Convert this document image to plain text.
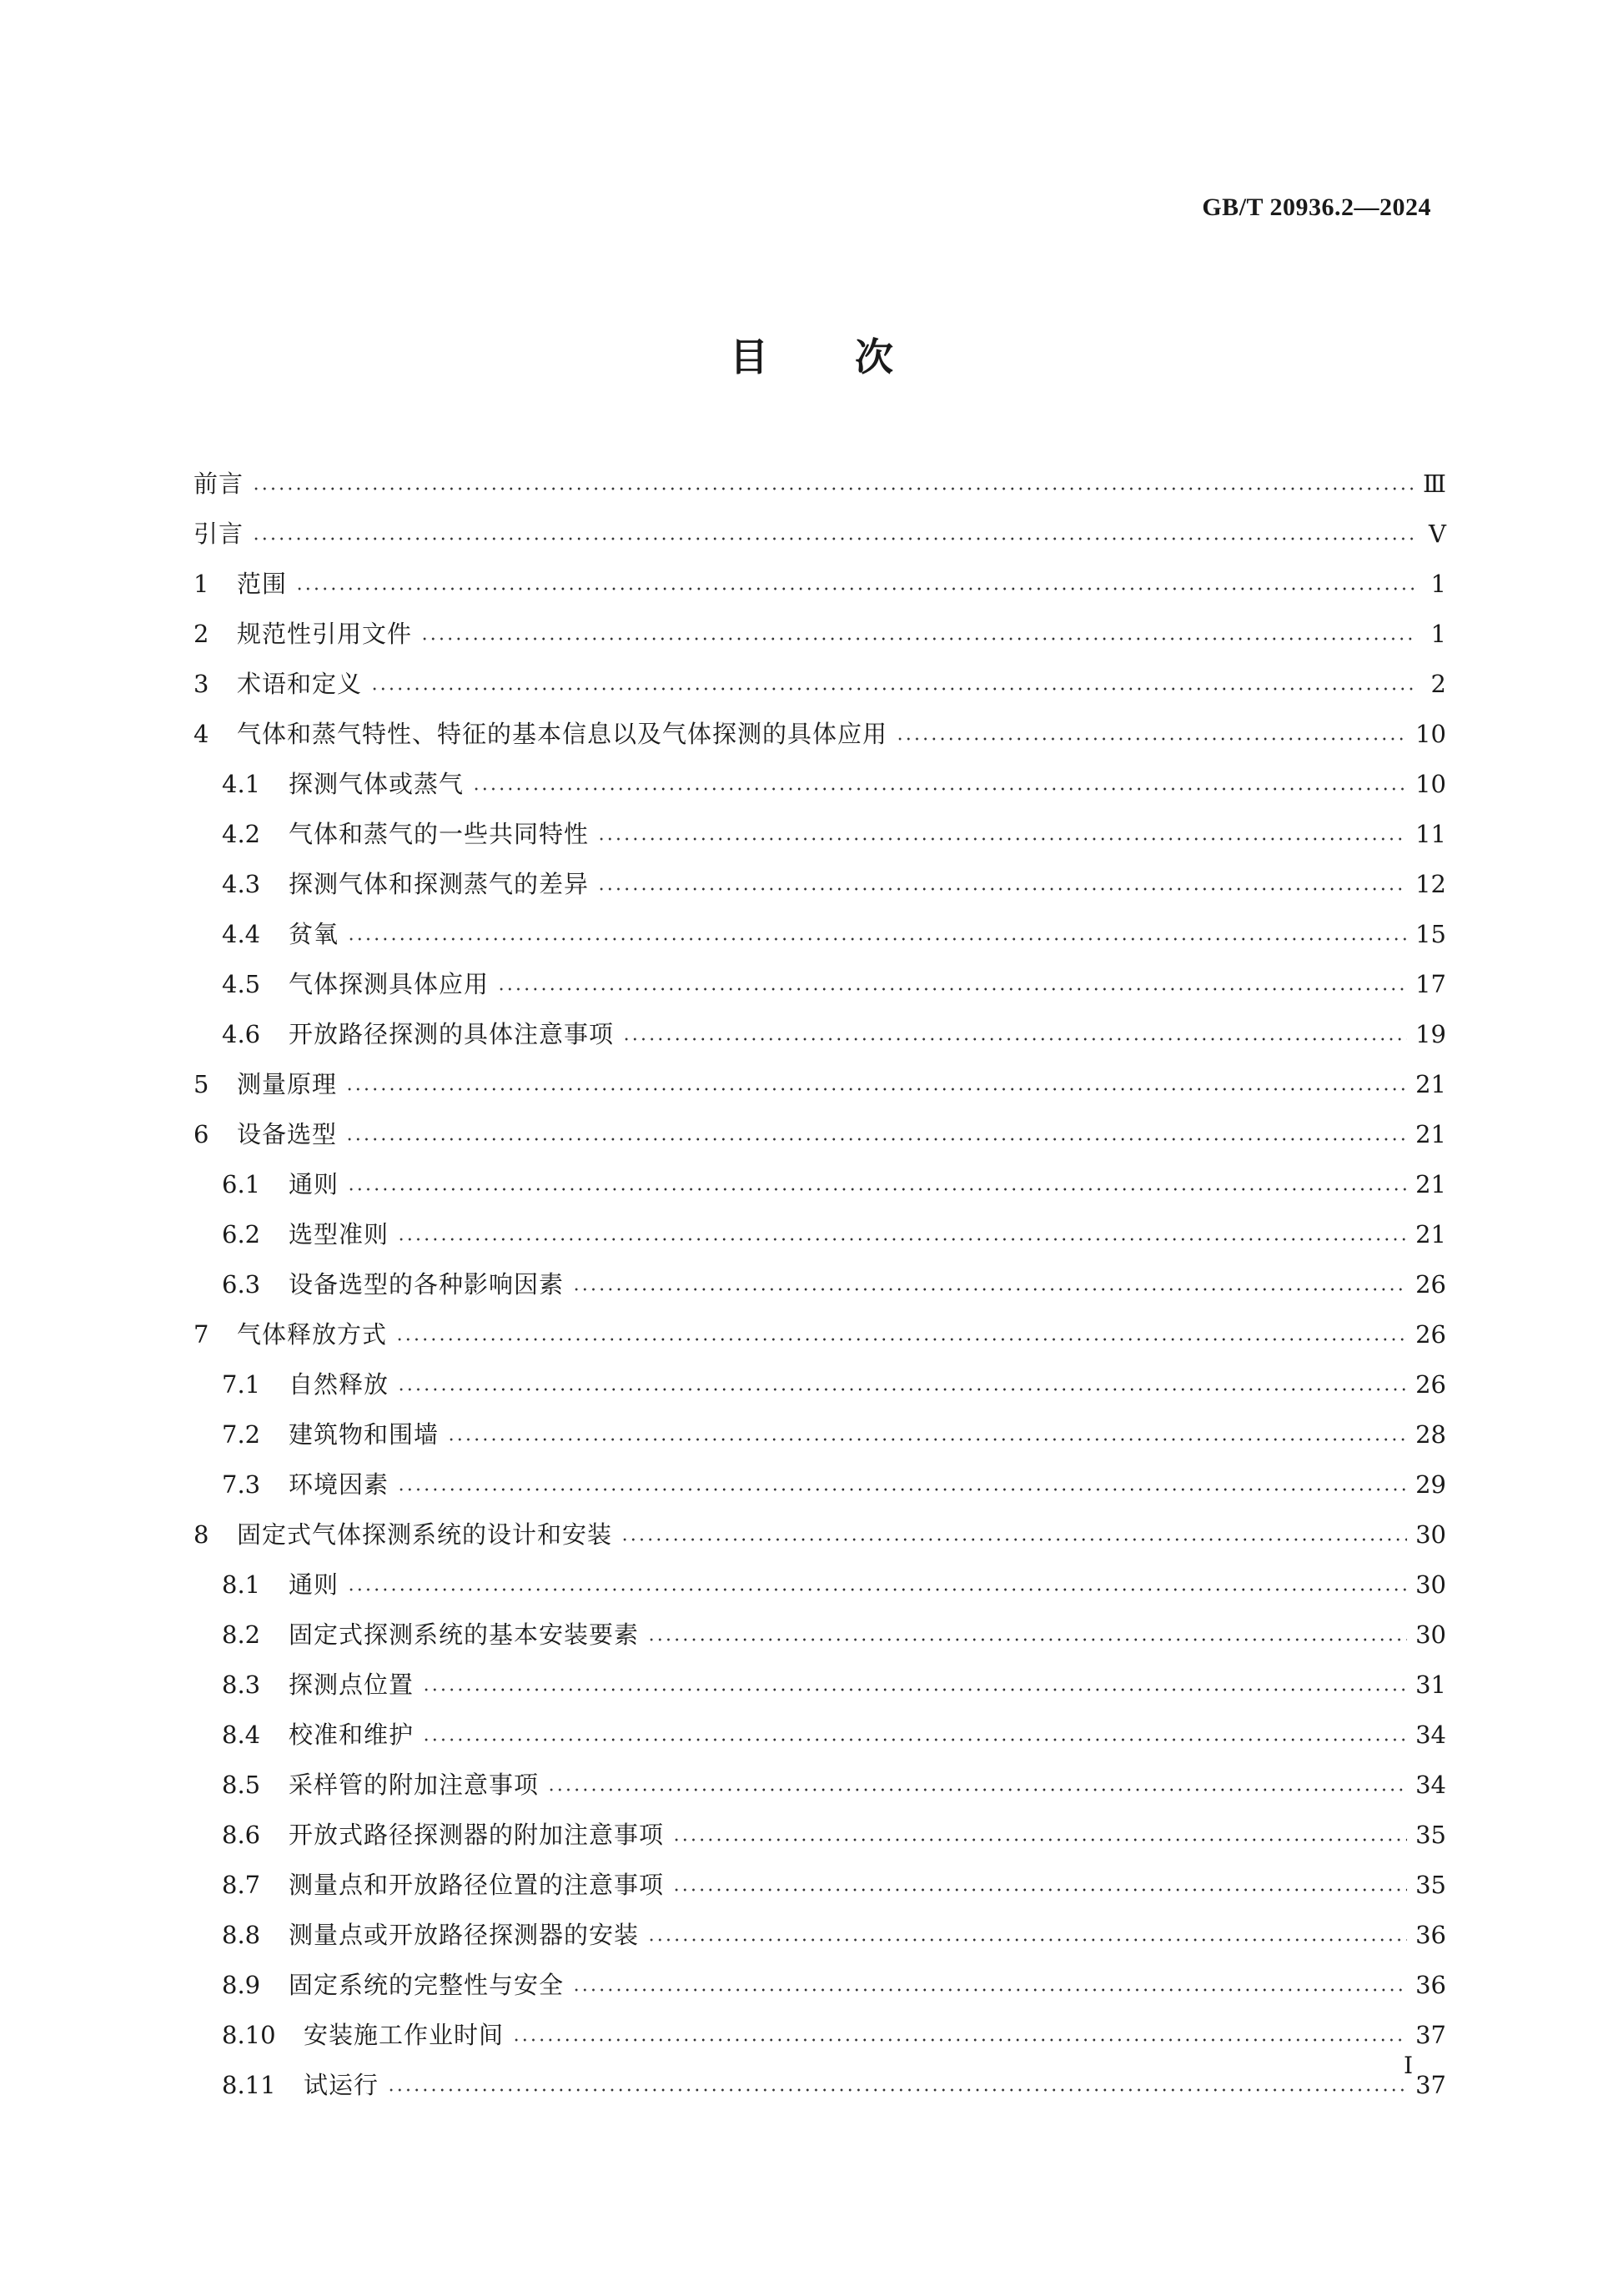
GB/T 20936.2—2024
目次
前言	Ⅲ
引言	Ⅴ
1	范围	1
2	规范性引用文件	1
3	术语和定义	2
4	气体和蒸气特性、特征的基本信息以及气体探测的具体应用	10
4.1	探测气体或蒸气	10
4.2	气体和蒸气的一些共同特性	11
4.3	探测气体和探测蒸气的差异	12
4.4	贫氧	15
4.5	气体探测具体应用	17
4.6	开放路径探测的具体注意事项	19
5	测量原理	21
6	设备选型	21
6.1	通则	21
6.2	选型准则	21
6.3	设备选型的各种影响因素	26
7	气体释放方式	26
7.1	自然释放	26
7.2	建筑物和围墙	28
7.3	环境因素	29
8	固定式气体探测系统的设计和安装	30
8.1	通则	30
8.2	固定式探测系统的基本安装要素	30
8.3	探测点位置	31
8.4	校准和维护	34
8.5	采样管的附加注意事项	34
8.6	开放式路径探测器的附加注意事项	35
8.7	测量点和开放路径位置的注意事项	35
8.8	测量点或开放路径探测器的安装	36
8.9	固定系统的完整性与安全	36
8.10	安装施工作业时间	37
8.11	试运行	37
Ⅰ
